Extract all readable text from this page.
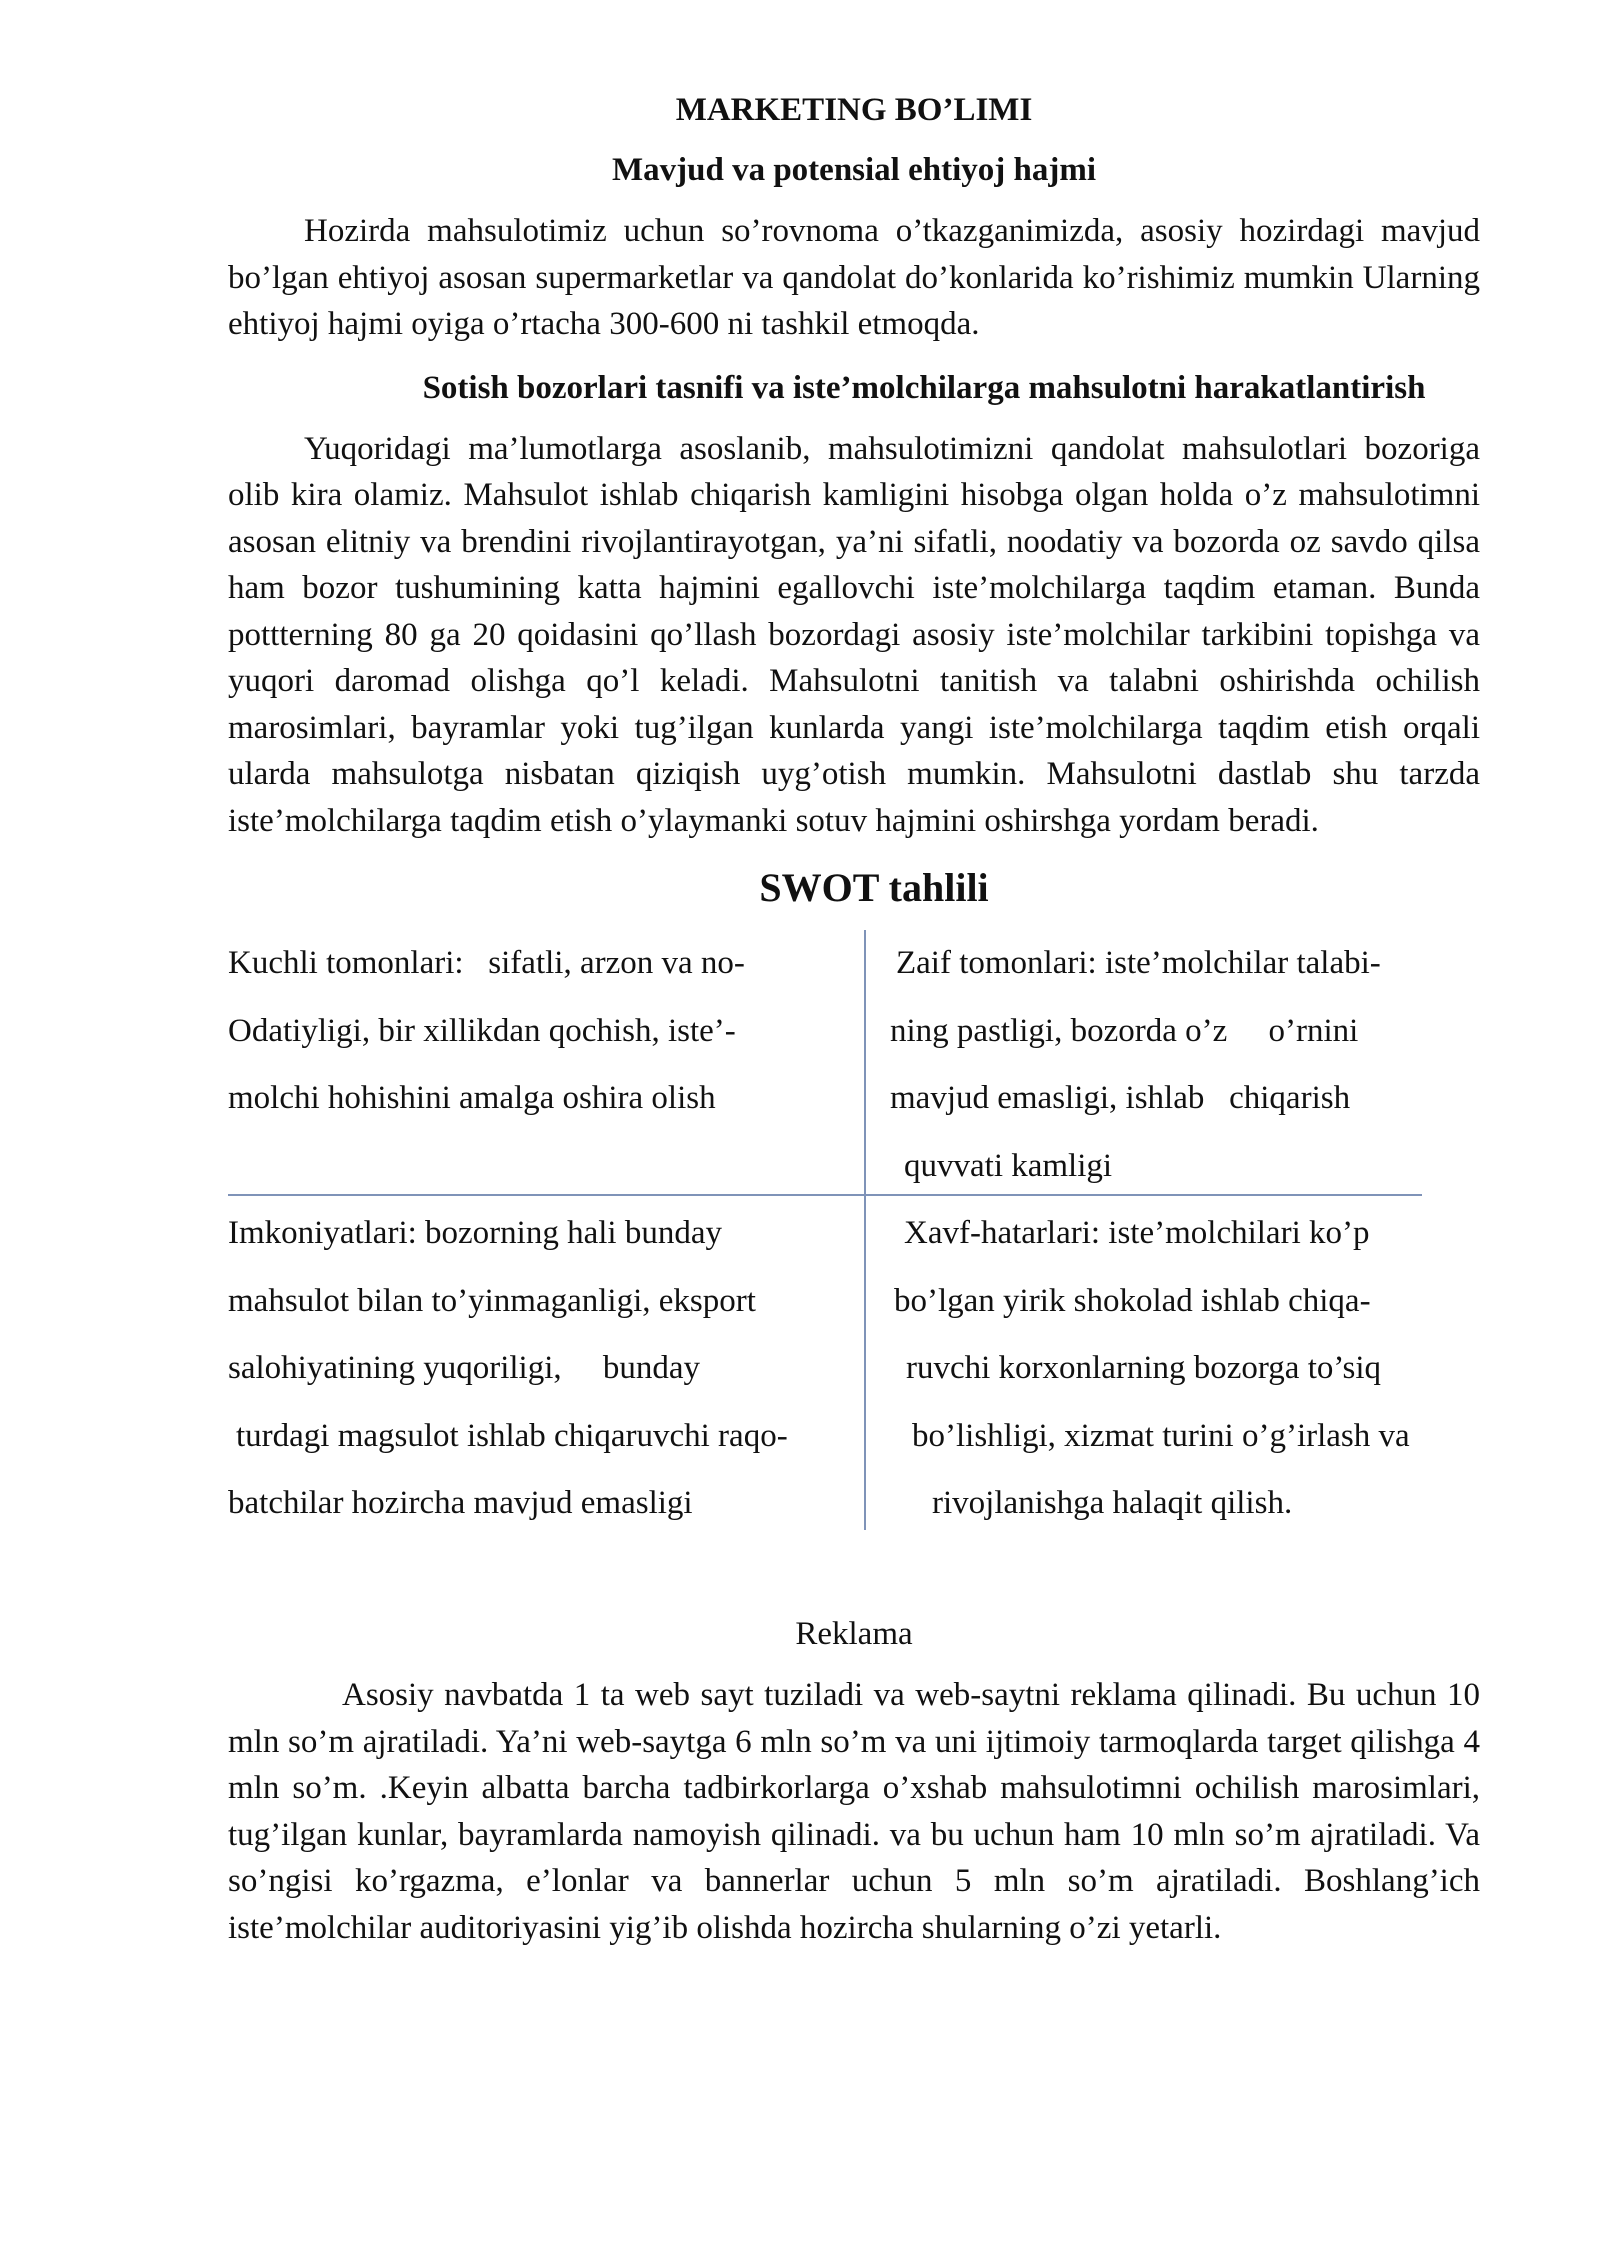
MARKETING BO’LIMI
Mavjud va potensial ehtiyoj hajmi

Hozirda mahsulotimiz uchun so’rovnoma o’tkazganimizda, asosiy hozirdagi mavjud bo’lgan ehtiyoj asosan supermarketlar va qandolat do’konlarida ko’rishimiz mumkin Ularning ehtiyoj hajmi oyiga o’rtacha 300-600 ni tashkil etmoqda.

Sotish bozorlari tasnifi va iste’molchilarga mahsulotni harakatlantirish

Yuqoridagi ma’lumotlarga asoslanib, mahsulotimizni qandolat mahsulotlari bozoriga olib kira olamiz. Mahsulot ishlab chiqarish kamligini hisobga olgan holda o’z mahsulotimni asosan elitniy va brendini rivojlantirayotgan, ya’ni sifatli, noodatiy va bozorda oz savdo qilsa ham bozor tushumining katta hajmini egallovchi iste’molchilarga taqdim etaman. Bunda pottterning 80 ga 20 qoidasini qo’llash bozordagi asosiy iste’molchilar tarkibini topishga va yuqori daromad olishga qo’l keladi. Mahsulotni tanitish va talabni oshirishda ochilish marosimlari, bayramlar yoki tug’ilgan kunlarda yangi iste’molchilarga taqdim etish orqali ularda mahsulotga nisbatan qiziqish uyg’otish mumkin. Mahsulotni dastlab shu tarzda iste’molchilarga taqdim etish o’ylaymanki sotuv hajmini oshirshga yordam beradi.

SWOT tahlili
Kuchli tomonlari:   sifatli, arzon va no-
Odatiyligi, bir xillikdan qochish, iste’-
molchi hohishini amalga oshira olish
Zaif tomonlari: iste’molchilar talabi-
ning pastligi, bozorda o’z     o’rnini
mavjud emasligi, ishlab   chiqarish
quvvati kamligi
Imkoniyatlari: bozorning hali bunday
mahsulot bilan to’yinmaganligi, eksport
salohiyatining yuqoriligi,     bunday
turdagi magsulot ishlab chiqaruvchi raqo-
batchilar hozircha mavjud emasligi
Xavf-hatarlari: iste’molchilari ko’p
bo’lgan yirik shokolad ishlab chiqa-
ruvchi korxonlarning bozorga to’siq
bo’lishligi, xizmat turini o’g’irlash va
rivojlanishga halaqit qilish.
Reklama

Asosiy navbatda 1 ta web sayt tuziladi va web-saytni reklama qilinadi. Bu uchun 10 mln so’m ajratiladi. Ya’ni web-saytga 6 mln so’m va uni ijtimoiy tarmoqlarda target qilishga 4 mln so’m. .Keyin albatta barcha tadbirkorlarga o’xshab mahsulotimni ochilish marosimlari, tug’ilgan kunlar, bayramlarda namoyish qilinadi. va bu uchun ham 10 mln so’m ajratiladi. Va so’ngisi ko’rgazma, e’lonlar va bannerlar uchun 5 mln so’m ajratiladi. Boshlang’ich iste’molchilar auditoriyasini yig’ib olishda hozircha shularning o’zi yetarli.
